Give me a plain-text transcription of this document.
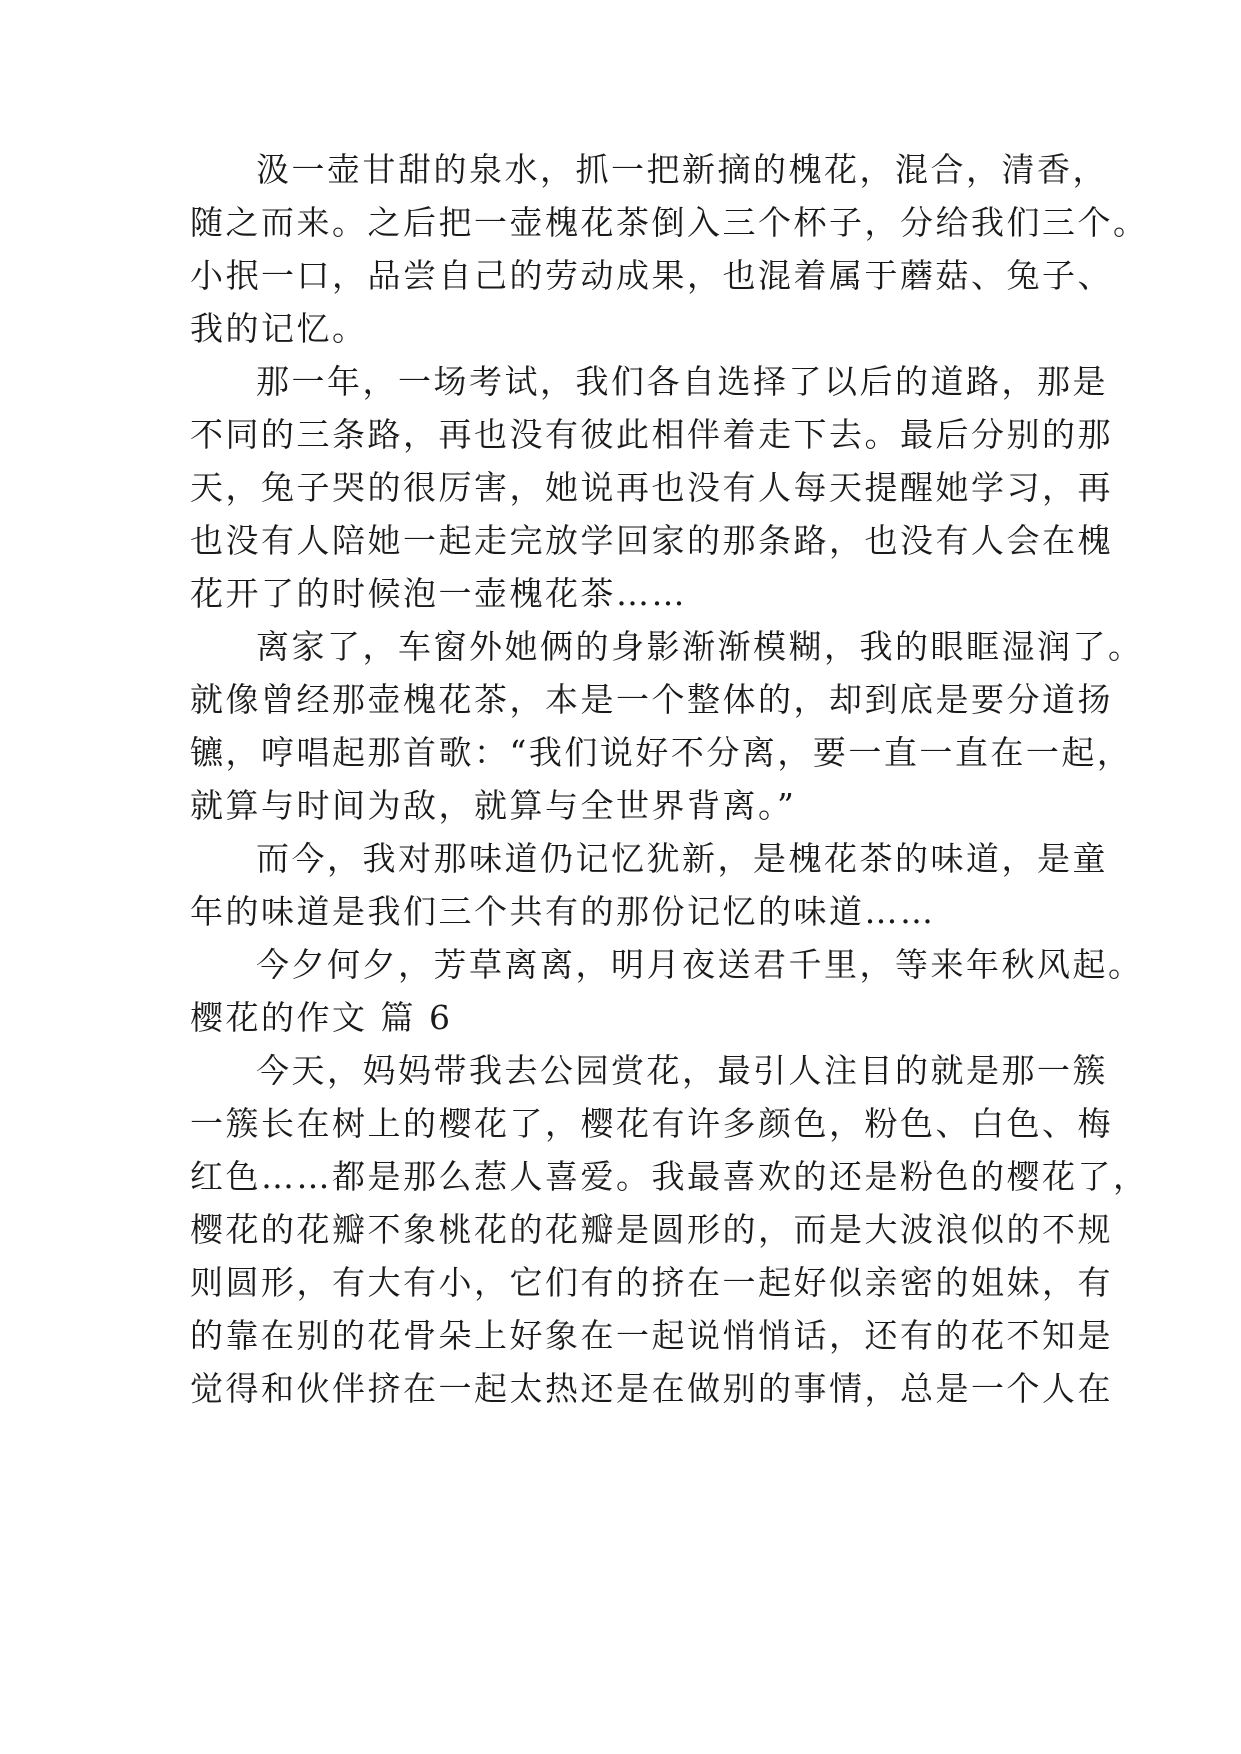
汲一壶甘甜的泉水，抓一把新摘的槐花，混合，清香，
随之而来。之后把一壶槐花茶倒入三个杯子，分给我们三个。
小抿一口，品尝自己的劳动成果，也混着属于蘑菇、兔子、
我的记忆。
那一年，一场考试，我们各自选择了以后的道路，那是
不同的三条路，再也没有彼此相伴着走下去。最后分别的那
天，兔子哭的很厉害，她说再也没有人每天提醒她学习，再
也没有人陪她一起走完放学回家的那条路，也没有人会在槐
花开了的时候泡一壶槐花茶……
离家了，车窗外她俩的身影渐渐模糊，我的眼眶湿润了。
就像曾经那壶槐花茶，本是一个整体的，却到底是要分道扬
镳，哼唱起那首歌：“我们说好不分离，要一直一直在一起，
就算与时间为敌，就算与全世界背离。”
而今，我对那味道仍记忆犹新，是槐花茶的味道，是童
年的味道是我们三个共有的那份记忆的味道……
今夕何夕，芳草离离，明月夜送君千里，等来年秋风起。
樱花的作文 篇 6
今天，妈妈带我去公园赏花，最引人注目的就是那一簇
一簇长在树上的樱花了，樱花有许多颜色，粉色、白色、梅
红色……都是那么惹人喜爱。我最喜欢的还是粉色的樱花了，
樱花的花瓣不象桃花的花瓣是圆形的，而是大波浪似的不规
则圆形，有大有小，它们有的挤在一起好似亲密的姐妹，有
的靠在别的花骨朵上好象在一起说悄悄话，还有的花不知是
觉得和伙伴挤在一起太热还是在做别的事情，总是一个人在
